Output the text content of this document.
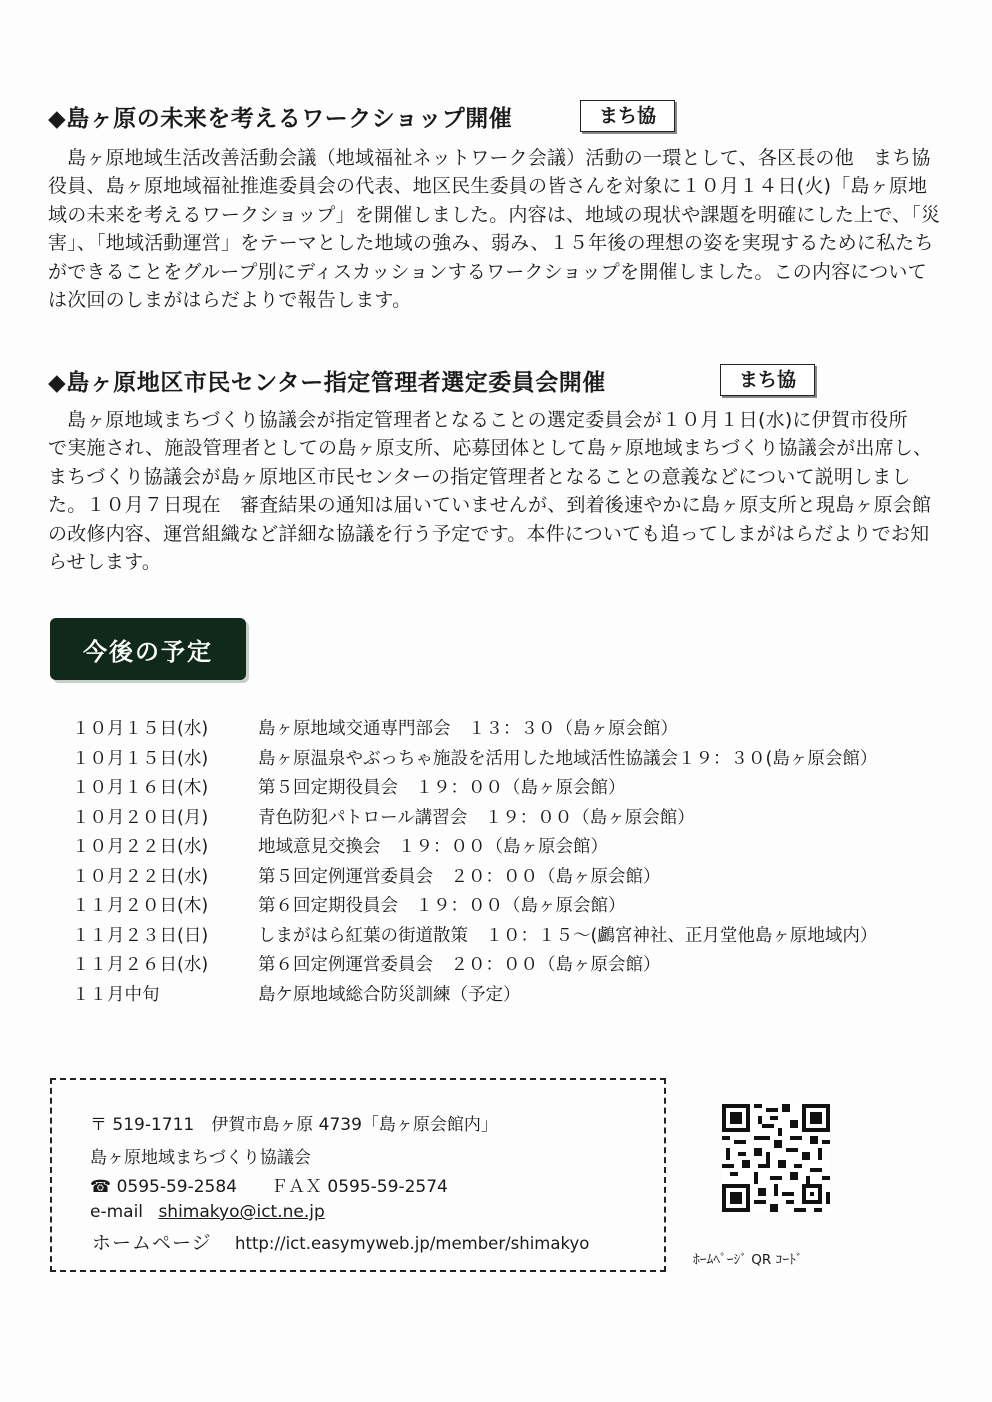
◆島ヶ原の未来を考えるワークショップ開催	まち協
島ヶ原地域生活改善活動会議（地域福祉ネットワーク会議）活動の一環として、各区長の他　まち協
役員、島ヶ原地域福祉推進委員会の代表、地区民生委員の皆さんを対象に１０月１４日(火)「島ヶ原地
域の未来を考えるワークショップ」を開催しました。内容は、地域の現状や課題を明確にした上で、「災
害」、「地域活動運営」をテーマとした地域の強み、弱み、１５年後の理想の姿を実現するために私たち
ができることをグループ別にディスカッションするワークショップを開催しました。この内容について
は次回のしまがはらだよりで報告します。
◆島ヶ原地区市民センター指定管理者選定委員会開催	まち協
島ヶ原地域まちづくり協議会が指定管理者となることの選定委員会が１０月１日(水)に伊賀市役所
で実施され、施設管理者としての島ヶ原支所、応募団体として島ヶ原地域まちづくり協議会が出席し、
まちづくり協議会が島ヶ原地区市民センターの指定管理者となることの意義などについて説明しまし
た。１０月７日現在　審査結果の通知は届いていませんが、到着後速やかに島ヶ原支所と現島ヶ原会館
の改修内容、運営組織など詳細な協議を行う予定です。本件についても追ってしまがはらだよりでお知
らせします。
今後の予定
１０月１５日(水)	島ヶ原地域交通専門部会　１３：３０（島ヶ原会館）
１０月１５日(水)	島ヶ原温泉やぶっちゃ施設を活用した地域活性協議会１９：３０(島ヶ原会館）
１０月１６日(木)	第５回定期役員会　１９：００（島ヶ原会館）
１０月２０日(月)	青色防犯パトロール講習会　１９：００（島ヶ原会館）
１０月２２日(水)	地域意見交換会　１９：００（島ヶ原会館）
１０月２２日(水)	第５回定例運営委員会　２０：００（島ヶ原会館）
１１月２０日(木)	第６回定期役員会　１９：００（島ヶ原会館）
１１月２３日(日)	しまがはら紅葉の街道散策　１０：１５～(鸕宮神社、正月堂他島ヶ原地域内）
１１月２６日(水)	第６回定例運営委員会　２０：００（島ヶ原会館）
１１月中旬	島ケ原地域総合防災訓練（予定）
〒 519-1711　伊賀市島ヶ原 4739「島ヶ原会館内」
島ヶ原地域まちづくり協議会
☎ 0595-59-2584　　ＦＡＸ 0595-59-2574
e-mail shimakyo@ict.ne.jp
ホームページ http://ict.easymyweb.jp/member/shimakyo
ﾎｰﾑﾍﾟｰｼﾞ QR ｺｰﾄﾞ
